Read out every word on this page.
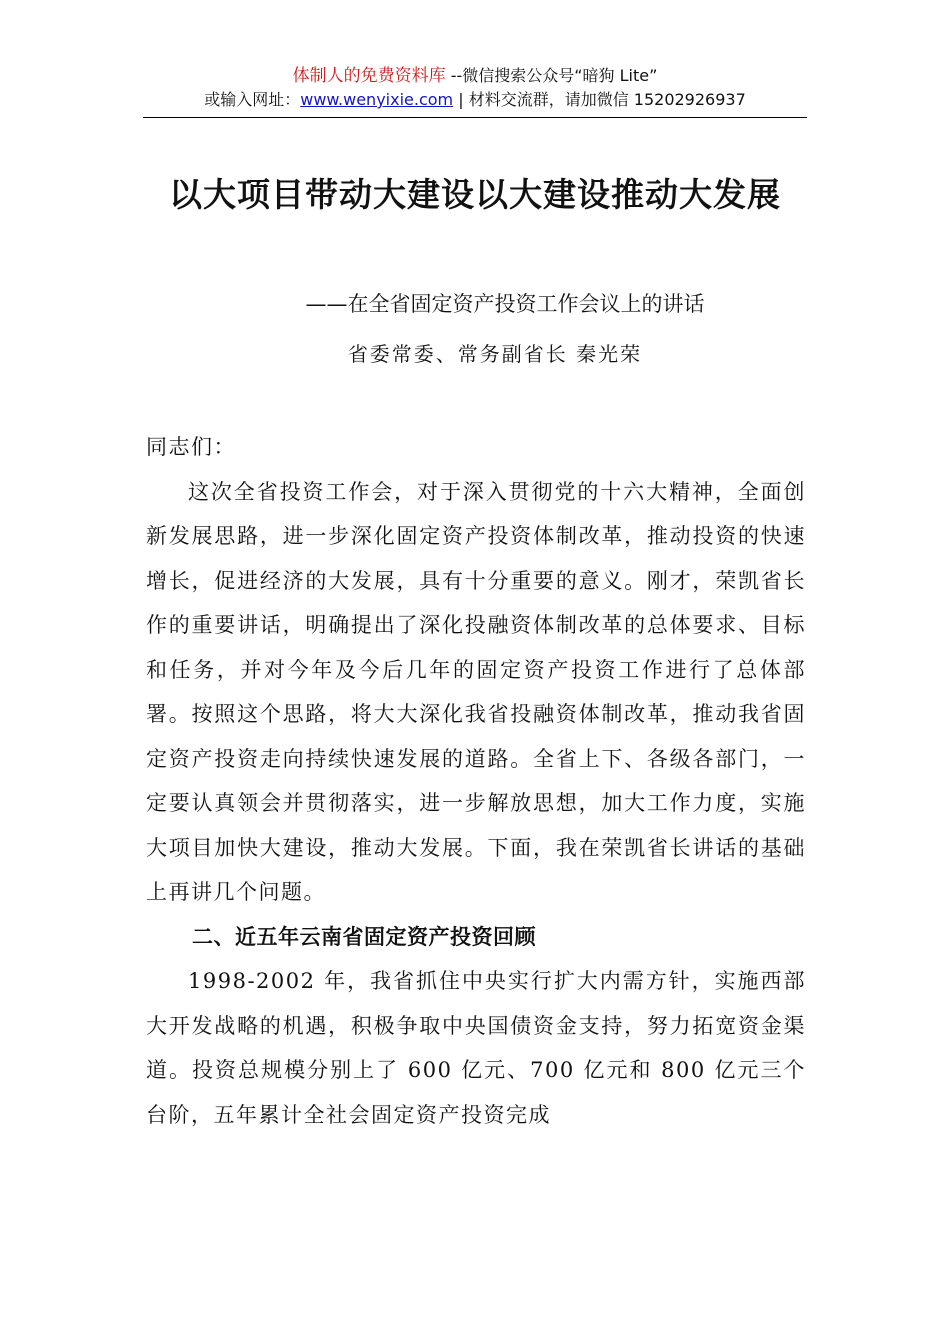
体制人的免费资料库 --微信搜索公众号“暗狗 Lite”
或输入网址：www.wenyixie.com | 材料交流群，请加微信 15202926937
以大项目带动大建设以大建设推动大发展
——在全省固定资产投资工作会议上的讲话
省委常委、常务副省长 秦光荣

同志们：

这次全省投资工作会，对于深入贯彻党的十六大精神，全面创新发展思路，进一步深化固定资产投资体制改革，推动投资的快速增长，促进经济的大发展，具有十分重要的意义。刚才，荣凯省长作的重要讲话，明确提出了深化投融资体制改革的总体要求、目标和任务，并对今年及今后几年的固定资产投资工作进行了总体部署。按照这个思路，将大大深化我省投融资体制改革，推动我省固定资产投资走向持续快速发展的道路。全省上下、各级各部门，一定要认真领会并贯彻落实，进一步解放思想，加大工作力度，实施大项目加快大建设，推动大发展。下面，我在荣凯省长讲话的基础上再讲几个问题。

二、近五年云南省固定资产投资回顾

1998-2002 年，我省抓住中央实行扩大内需方针，实施西部大开发战略的机遇，积极争取中央国债资金支持，努力拓宽资金渠道。投资总规模分别上了 600 亿元、700 亿元和 800 亿元三个台阶，五年累计全社会固定资产投资完成
